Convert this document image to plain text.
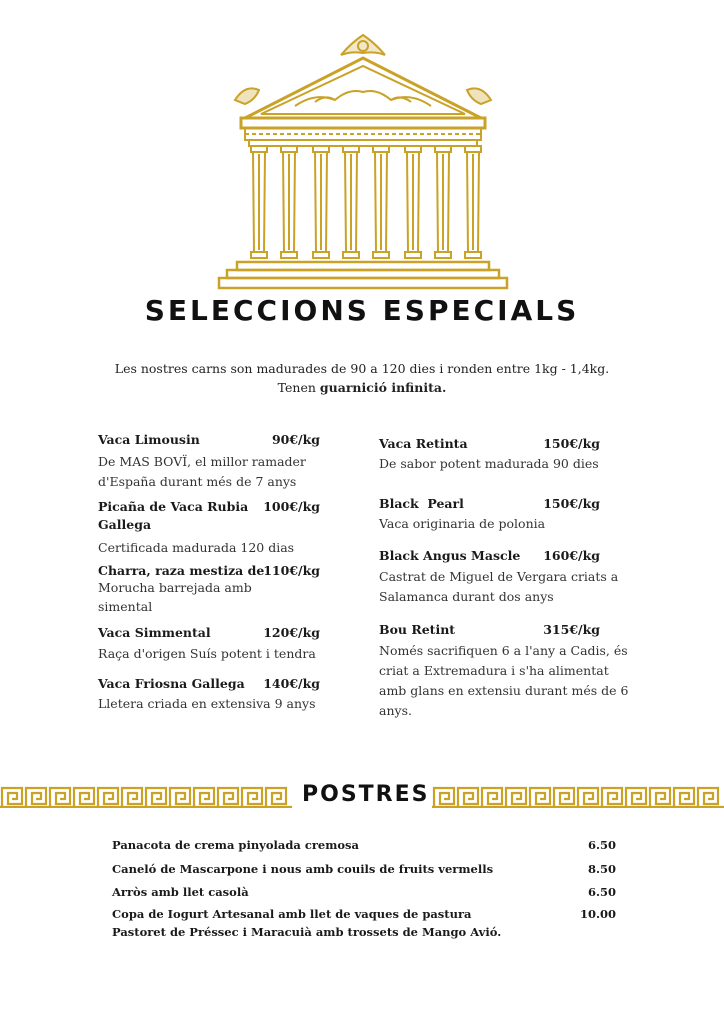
SELECCIONS ESPECIALS
Les nostres carns son madurades de 90 a 120 dies i ronden entre 1kg - 1,4kg.
Tenen guarnició infinita.
Vaca Limousin	90€/kg
De MAS BOVÏ, el millor ramader
d'España durant més de 7 anys
Picaña de Vaca Rubia
Gallega
100€/kg
Certificada madurada 120 dias
Charra, raza mestiza de
110€/kg
Morucha barrejada amb
simental
Vaca Simmental	120€/kg
Raça d'origen Suís potent i tendra
Vaca Friosna Gallega	140€/kg
Lletera criada en extensiva 9 anys
Vaca Retinta	150€/kg
De sabor potent madurada 90 dies
Black  Pearl	150€/kg
Vaca originaria de polonia
Black Angus Mascle	160€/kg
Castrat de Miguel de Vergara criats a
Salamanca durant dos anys
Bou Retint	315€/kg
Només sacrifiquen 6 a l'any a Cadis, és
criat a Extremadura i s'ha alimentat
amb glans en extensiu durant més de 6
anys.
POSTRES
Panacota de crema pinyolada cremosa	6.50
Caneló de Mascarpone i nous amb couils de fruits vermells	8.50
Arròs amb llet casolà	6.50
Copa de Iogurt Artesanal amb llet de vaques de pastura	10.00
Pastoret de Préssec i Maracuià amb trossets de Mango Avió.
